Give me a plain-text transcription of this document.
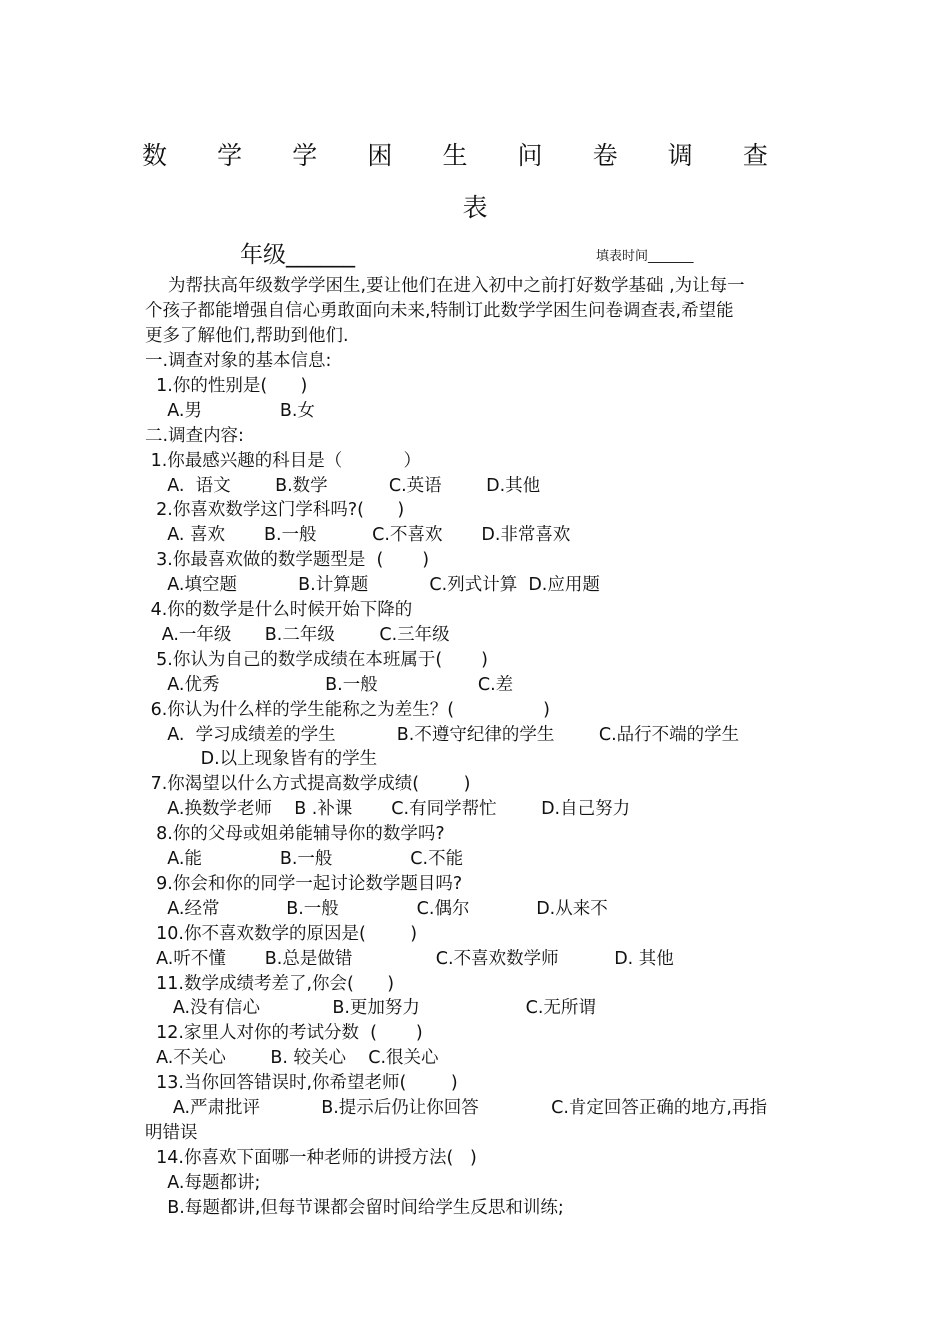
数 学 学 困 生 问 卷 调 查
表
年级______	填表时间_______
为帮扶高年级数学学困生,要让他们在进入初中之前打好数学基础 ,为让每一
个孩子都能增强自信心勇敢面向未来,特制订此数学学困生问卷调查表,希望能
更多了解他们,帮助到他们.
一.调查对象的基本信息:
1.你的性别是(      )
A.男              B.女
二.调查内容:
1.你最感兴趣的科目是（           ）
A.  语文        B.数学           C.英语        D.其他
2.你喜欢数学这门学科吗?(      )
A. 喜欢       B.一般          C.不喜欢       D.非常喜欢
3.你最喜欢做的数学题型是  (       )
A.填空题           B.计算题           C.列式计算  D.应用题
4.你的数学是什么时候开始下降的
A.一年级      B.二年级        C.三年级
5.你认为自己的数学成绩在本班属于(       )
A.优秀                   B.一般                  C.差
6.你认为什么样的学生能称之为差生？(                )
A.  学习成绩差的学生           B.不遵守纪律的学生        C.品行不端的学生
D.以上现象皆有的学生
7.你渴望以什么方式提高数学成绩(        )
A.换数学老师    B .补课       C.有同学帮忙        D.自己努力
8.你的父母或姐弟能辅导你的数学吗?
A.能              B.一般              C.不能
9.你会和你的同学一起讨论数学题目吗?
A.经常            B.一般              C.偶尔            D.从来不
10.你不喜欢数学的原因是(        )
A.听不懂       B.总是做错               C.不喜欢数学师          D. 其他
11.数学成绩考差了,你会(      )
A.没有信心             B.更加努力                   C.无所谓
12.家里人对你的考试分数  (       )
A.不关心        B. 较关心    C.很关心
13.当你回答错误时,你希望老师(        )
A.严肃批评           B.提示后仍让你回答             C.肯定回答正确的地方,再指
明错误
14.你喜欢下面哪一种老师的讲授方法(   )
A.每题都讲;
B.每题都讲,但每节课都会留时间给学生反思和训练;
